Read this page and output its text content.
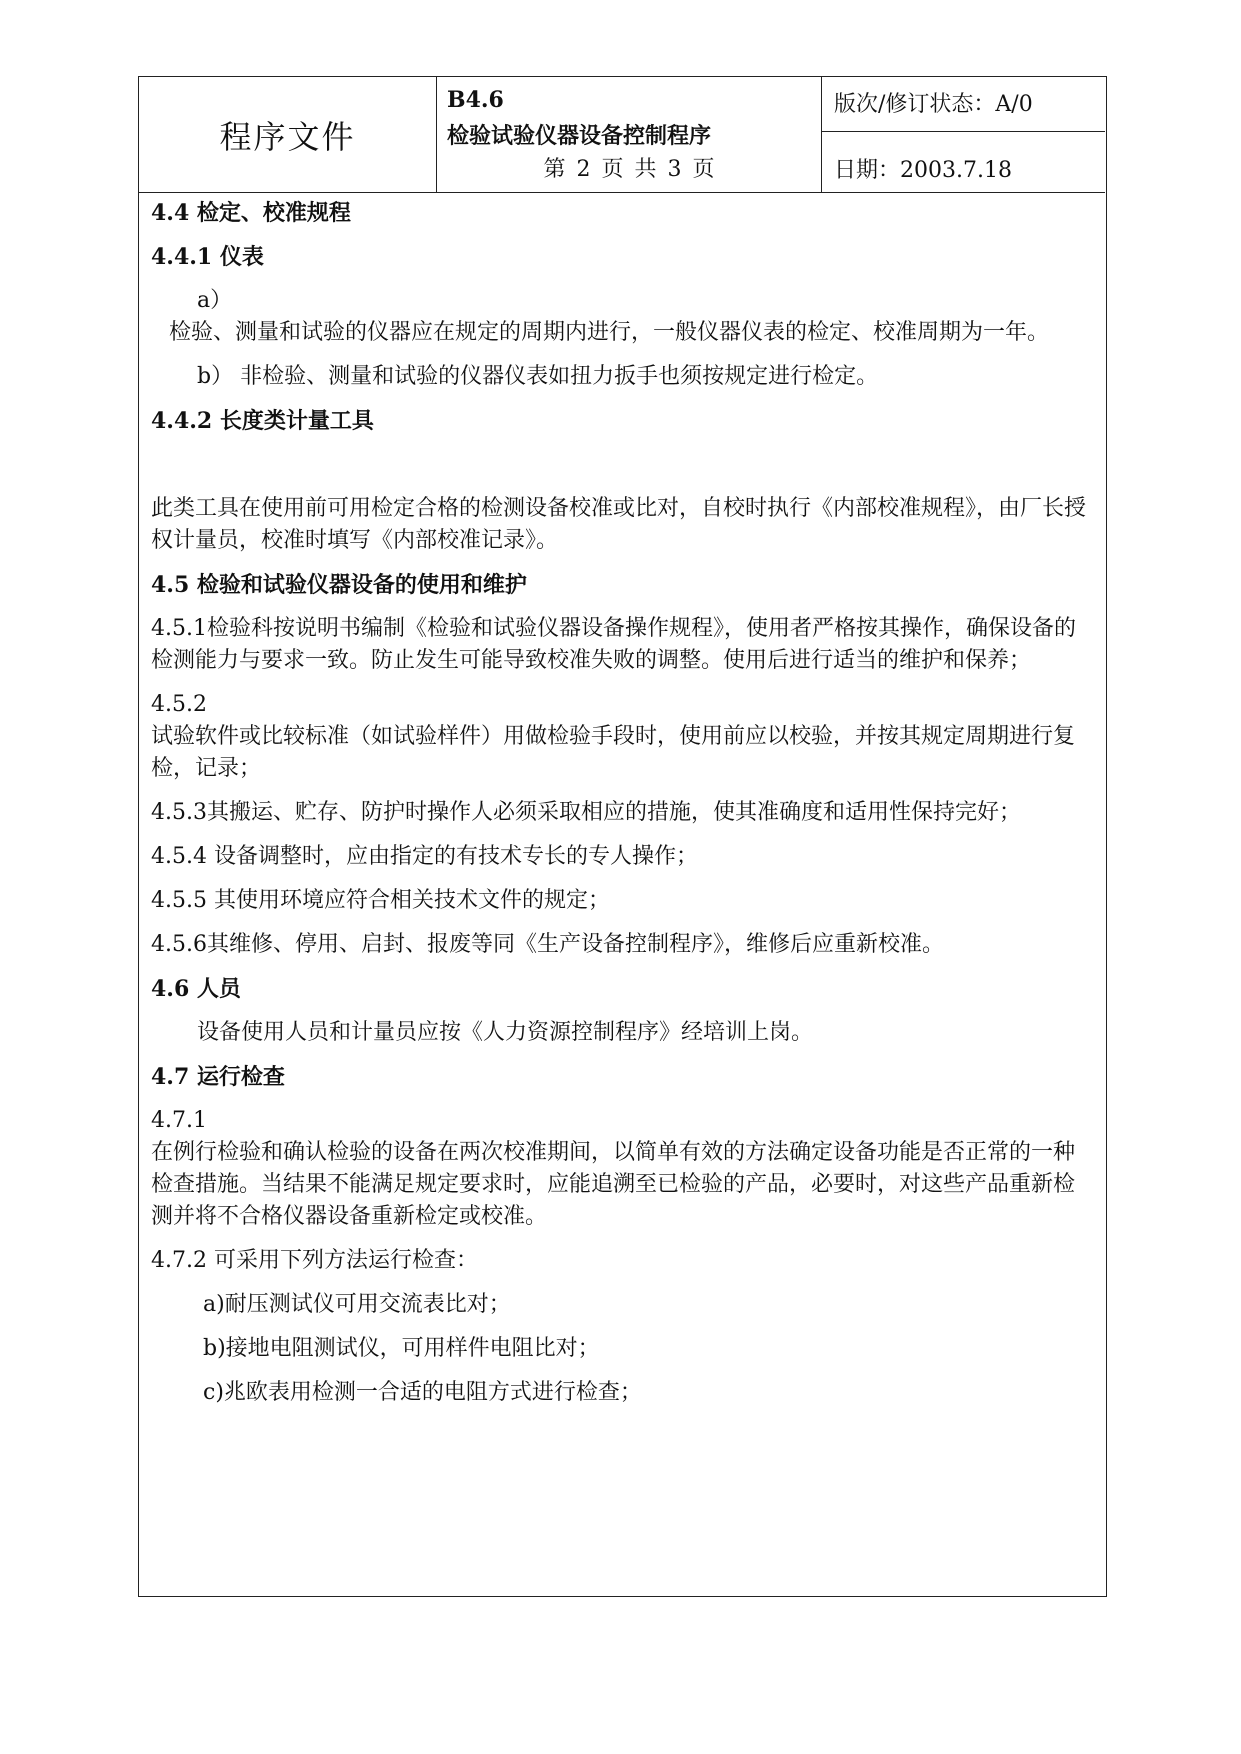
程序文件
B4.6
检验试验仪器设备控制程序
第 2 页 共 3 页
版次/修订状态：A/0
日期：2003.7.18

4.4 检定、校准规程

4.4.1 仪表

a）

检验、测量和试验的仪器应在规定的周期内进行，一般仪器仪表的检定、校准周期为一年。

b） 非检验、测量和试验的仪器仪表如扭力扳手也须按规定进行检定。

4.4.2 长度类计量工具

此类工具在使用前可用检定合格的检测设备校准或比对，自校时执行《内部校准规程》，由厂长授权计量员，校准时填写《内部校准记录》。

4.5 检验和试验仪器设备的使用和维护

4.5.1检验科按说明书编制《检验和试验仪器设备操作规程》，使用者严格按其操作，确保设备的检测能力与要求一致。防止发生可能导致校准失败的调整。使用后进行适当的维护和保养；

4.5.2
试验软件或比较标准（如试验样件）用做检验手段时，使用前应以校验，并按其规定周期进行复检，记录；

4.5.3其搬运、贮存、防护时操作人必须采取相应的措施，使其准确度和适用性保持完好；

4.5.4 设备调整时，应由指定的有技术专长的专人操作；

4.5.5 其使用环境应符合相关技术文件的规定；

4.5.6其维修、停用、启封、报废等同《生产设备控制程序》，维修后应重新校准。

4.6 人员

设备使用人员和计量员应按《人力资源控制程序》经培训上岗。

4.7 运行检查

4.7.1
在例行检验和确认检验的设备在两次校准期间，以简单有效的方法确定设备功能是否正常的一种检查措施。当结果不能满足规定要求时，应能追溯至已检验的产品，必要时，对这些产品重新检测并将不合格仪器设备重新检定或校准。

4.7.2 可采用下列方法运行检查：

a)耐压测试仪可用交流表比对；

b)接地电阻测试仪，可用样件电阻比对；

c)兆欧表用检测一合适的电阻方式进行检查；
